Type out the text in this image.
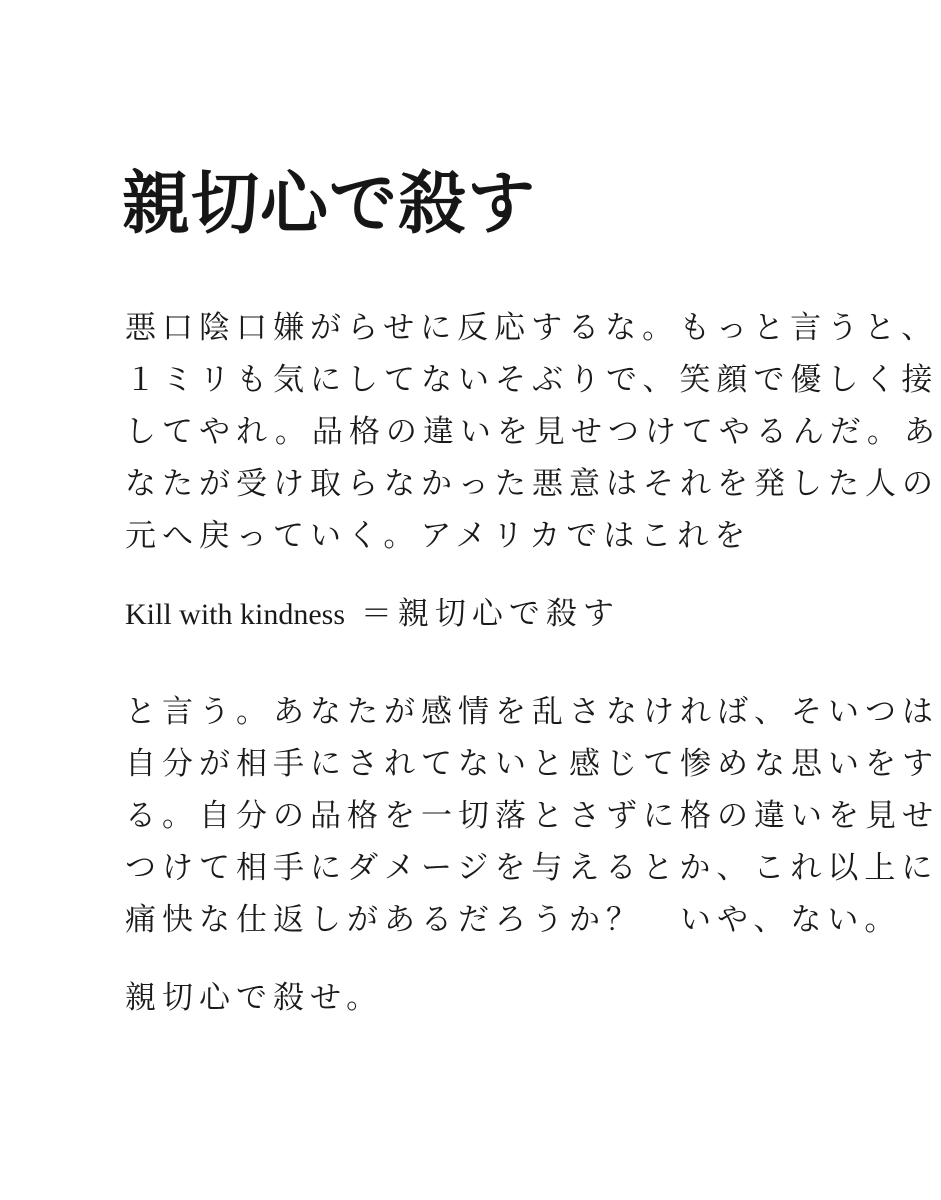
親切心で殺す
悪口陰口嫌がらせに反応するな。もっと言うと、
１ミリも気にしてないそぶりで、笑顔で優しく接
してやれ。品格の違いを見せつけてやるんだ。あ
なたが受け取らなかった悪意はそれを発した人の
元へ戻っていく。アメリカではこれを
Kill with kindness ＝親切心で殺す
と言う。あなたが感情を乱さなければ、そいつは
自分が相手にされてないと感じて惨めな思いをす
る。自分の品格を一切落とさずに格の違いを見せ
つけて相手にダメージを与えるとか、これ以上に
痛快な仕返しがあるだろうか？　いや、ない。
親切心で殺せ。
